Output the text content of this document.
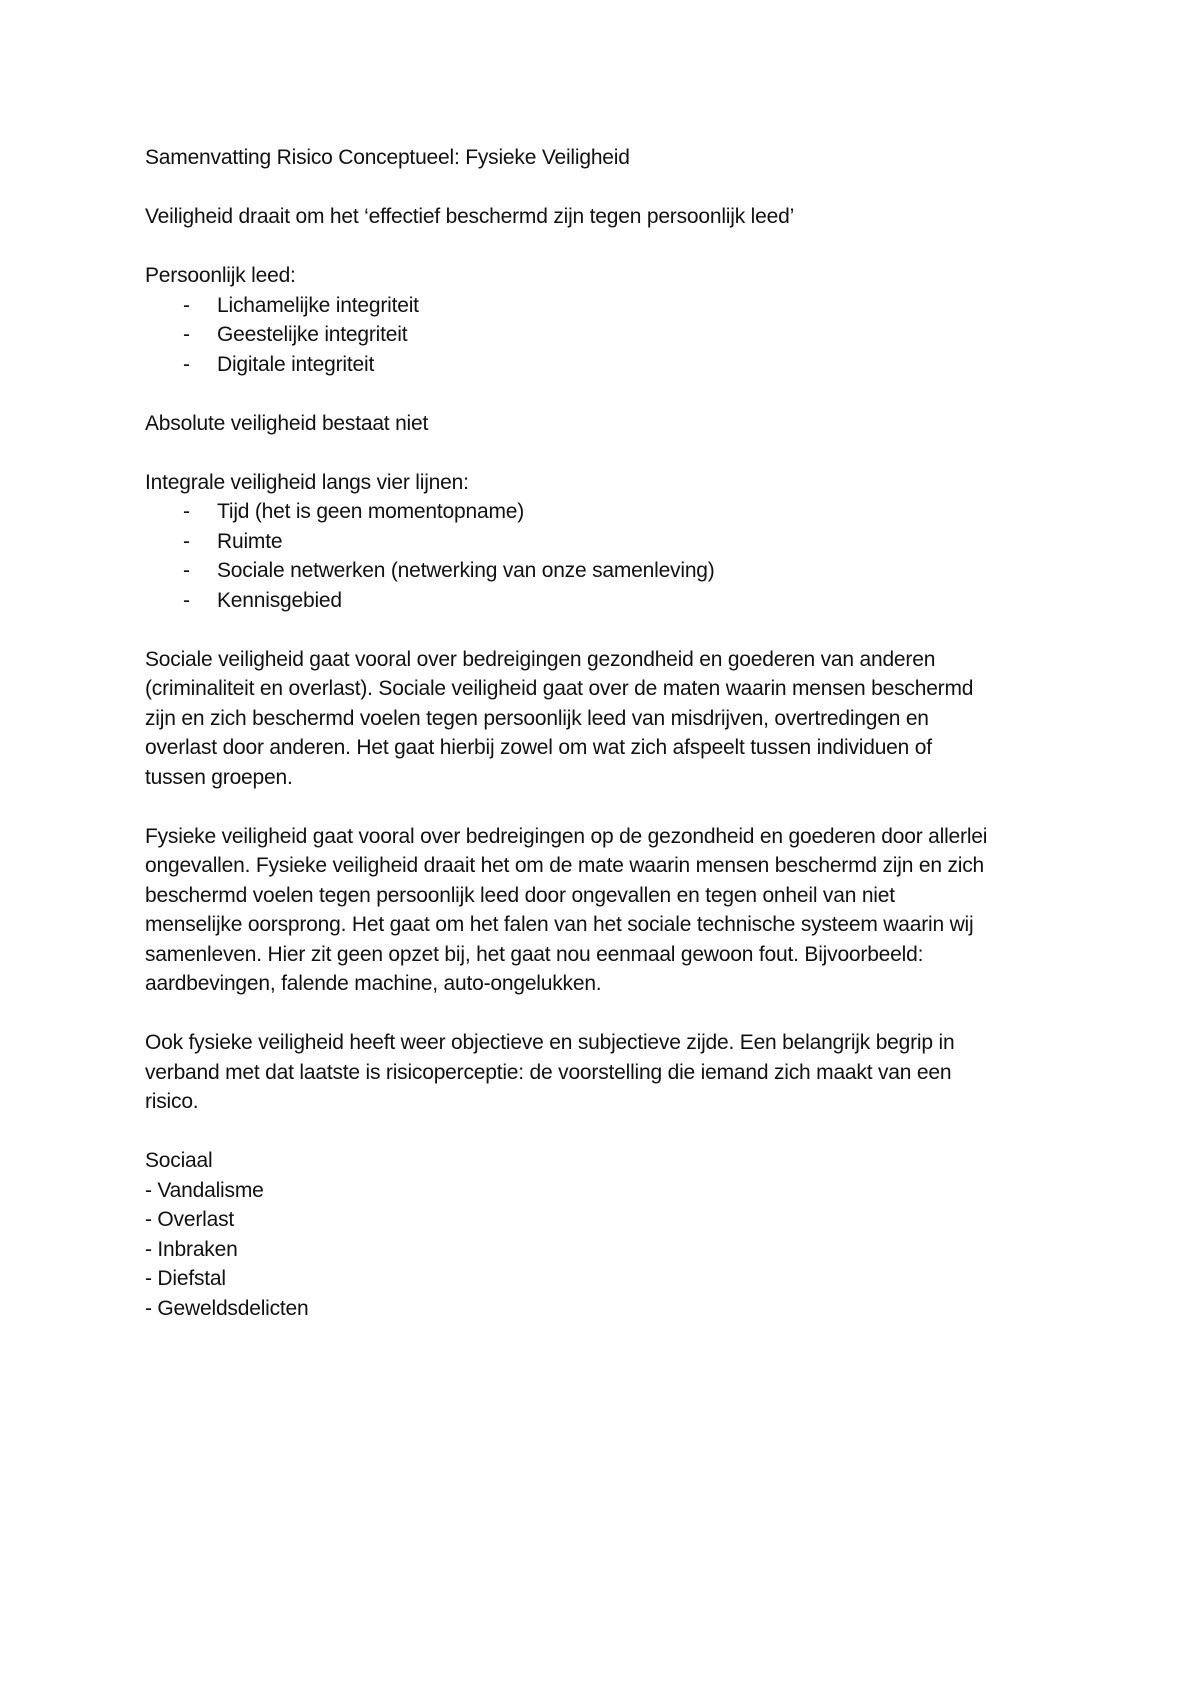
Samenvatting Risico Conceptueel: Fysieke Veiligheid

Veiligheid draait om het ‘effectief beschermd zijn tegen persoonlijk leed’

Persoonlijk leed:
- Lichamelijke integriteit
- Geestelijke integriteit
- Digitale integriteit

Absolute veiligheid bestaat niet

Integrale veiligheid langs vier lijnen:
- Tijd (het is geen momentopname)
- Ruimte
- Sociale netwerken (netwerking van onze samenleving)
- Kennisgebied
Sociale veiligheid gaat vooral over bedreigingen gezondheid en goederen van anderen
(criminaliteit en overlast). Sociale veiligheid gaat over de maten waarin mensen beschermd
zijn en zich beschermd voelen tegen persoonlijk leed van misdrijven, overtredingen en
overlast door anderen. Het gaat hierbij zowel om wat zich afspeelt tussen individuen of
tussen groepen.
Fysieke veiligheid gaat vooral over bedreigingen op de gezondheid en goederen door allerlei
ongevallen. Fysieke veiligheid draait het om de mate waarin mensen beschermd zijn en zich
beschermd voelen tegen persoonlijk leed door ongevallen en tegen onheil van niet
menselijke oorsprong. Het gaat om het falen van het sociale technische systeem waarin wij
samenleven. Hier zit geen opzet bij, het gaat nou eenmaal gewoon fout. Bijvoorbeeld:
aardbevingen, falende machine, auto-ongelukken.
Ook fysieke veiligheid heeft weer objectieve en subjectieve zijde. Een belangrijk begrip in
verband met dat laatste is risicoperceptie: de voorstelling die iemand zich maakt van een
risico.
Sociaal
- Vandalisme
- Overlast
- Inbraken
- Diefstal
- Geweldsdelicten
